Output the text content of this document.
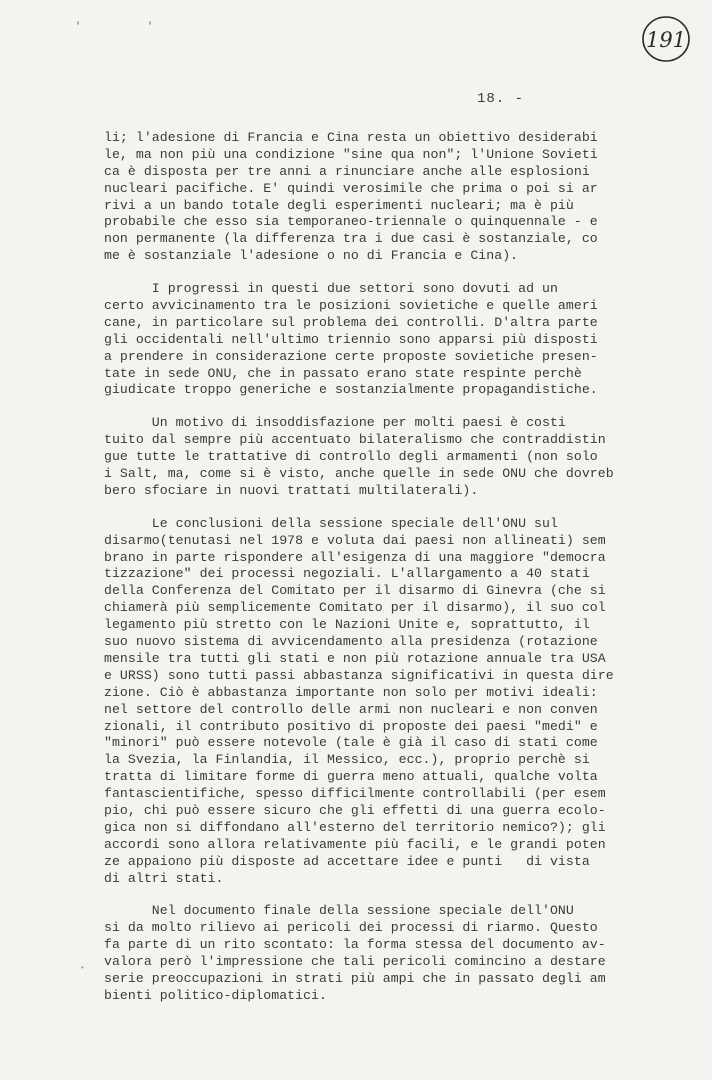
' '
191
18. -
li; l'adesione di Francia e Cina resta un obiettivo desiderabi
le, ma non più una condizione "sine qua non"; l'Unione Sovieti
ca è disposta per tre anni a rinunciare anche alle esplosioni
nucleari pacifiche. E' quindi verosimile che prima o poi si ar
rivi a un bando totale degli esperimenti nucleari; ma è più
probabile che esso sia temporaneo-triennale o quinquennale - e
non permanente (la differenza tra i due casi è sostanziale, co
me è sostanziale l'adesione o no di Francia e Cina).
I progressi in questi due settori sono dovuti ad un
certo avvicinamento tra le posizioni sovietiche e quelle ameri
cane, in particolare sul problema dei controlli. D'altra parte
gli occidentali nell'ultimo triennio sono apparsi più disposti
a prendere in considerazione certe proposte sovietiche presen-
tate in sede ONU, che in passato erano state respinte perchè
giudicate troppo generiche e sostanzialmente propagandistiche.
Un motivo di insoddisfazione per molti paesi è costi
tuito dal sempre più accentuato bilateralismo che contraddistin
gue tutte le trattative di controllo degli armamenti (non solo
i Salt, ma, come si è visto, anche quelle in sede ONU che dovreb
bero sfociare in nuovi trattati multilaterali).
Le conclusioni della sessione speciale dell'ONU sul
disarmo(tenutasi nel 1978 e voluta dai paesi non allineati) sem
brano in parte rispondere all'esigenza di una maggiore "democra
tizzazione" dei processi negoziali. L'allargamento a 40 stati
della Conferenza del Comitato per il disarmo di Ginevra (che si
chiamerà più semplicemente Comitato per il disarmo), il suo col
legamento più stretto con le Nazioni Unite e, soprattutto, il
suo nuovo sistema di avvicendamento alla presidenza (rotazione
mensile tra tutti gli stati e non più rotazione annuale tra USA
e URSS) sono tutti passi abbastanza significativi in questa dire
zione. Ciò è abbastanza importante non solo per motivi ideali:
nel settore del controllo delle armi non nucleari e non conven
zionali, il contributo positivo di proposte dei paesi "medi" e
"minori" può essere notevole (tale è già il caso di stati come
la Svezia, la Finlandia, il Messico, ecc.), proprio perchè si
tratta di limitare forme di guerra meno attuali, qualche volta
fantascientifiche, spesso difficilmente controllabili (per esem
pio, chi può essere sicuro che gli effetti di una guerra ecolo-
gica non si diffondano all'esterno del territorio nemico?); gli
accordi sono allora relativamente più facili, e le grandi poten
ze appaiono più disposte ad accettare idee e punti   di vista
di altri stati.
Nel documento finale della sessione speciale dell'ONU
si da molto rilievo ai pericoli dei processi di riarmo. Questo
fa parte di un rito scontato: la forma stessa del documento av-
valora però l'impressione che tali pericoli comincino a destare
serie preoccupazioni in strati più ampi che in passato degli am
bienti politico-diplomatici.
•
